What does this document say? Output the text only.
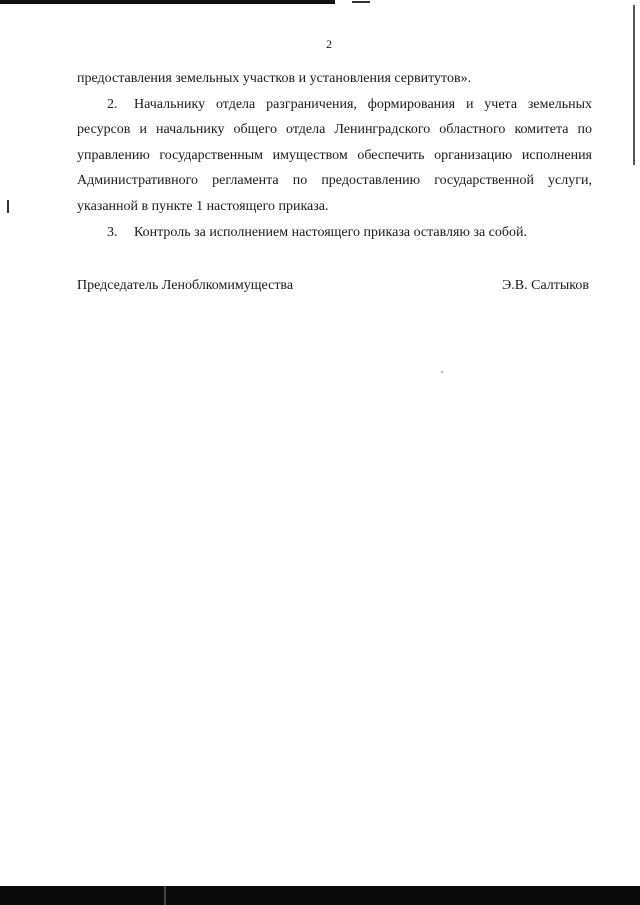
2

предоставления земельных участков и установления сервитутов».

2. Начальнику отдела разграничения, формирования и учета земельных ресурсов и начальнику общего отдела Ленинградского областного комитета по управлению государственным имуществом обеспечить организацию исполнения Административного регламента по предоставлению государственной услуги, указанной в пункте 1 настоящего приказа.

3. Контроль за исполнением настоящего приказа оставляю за собой.

Председатель Леноблкомимущества	Э.В. Салтыков
